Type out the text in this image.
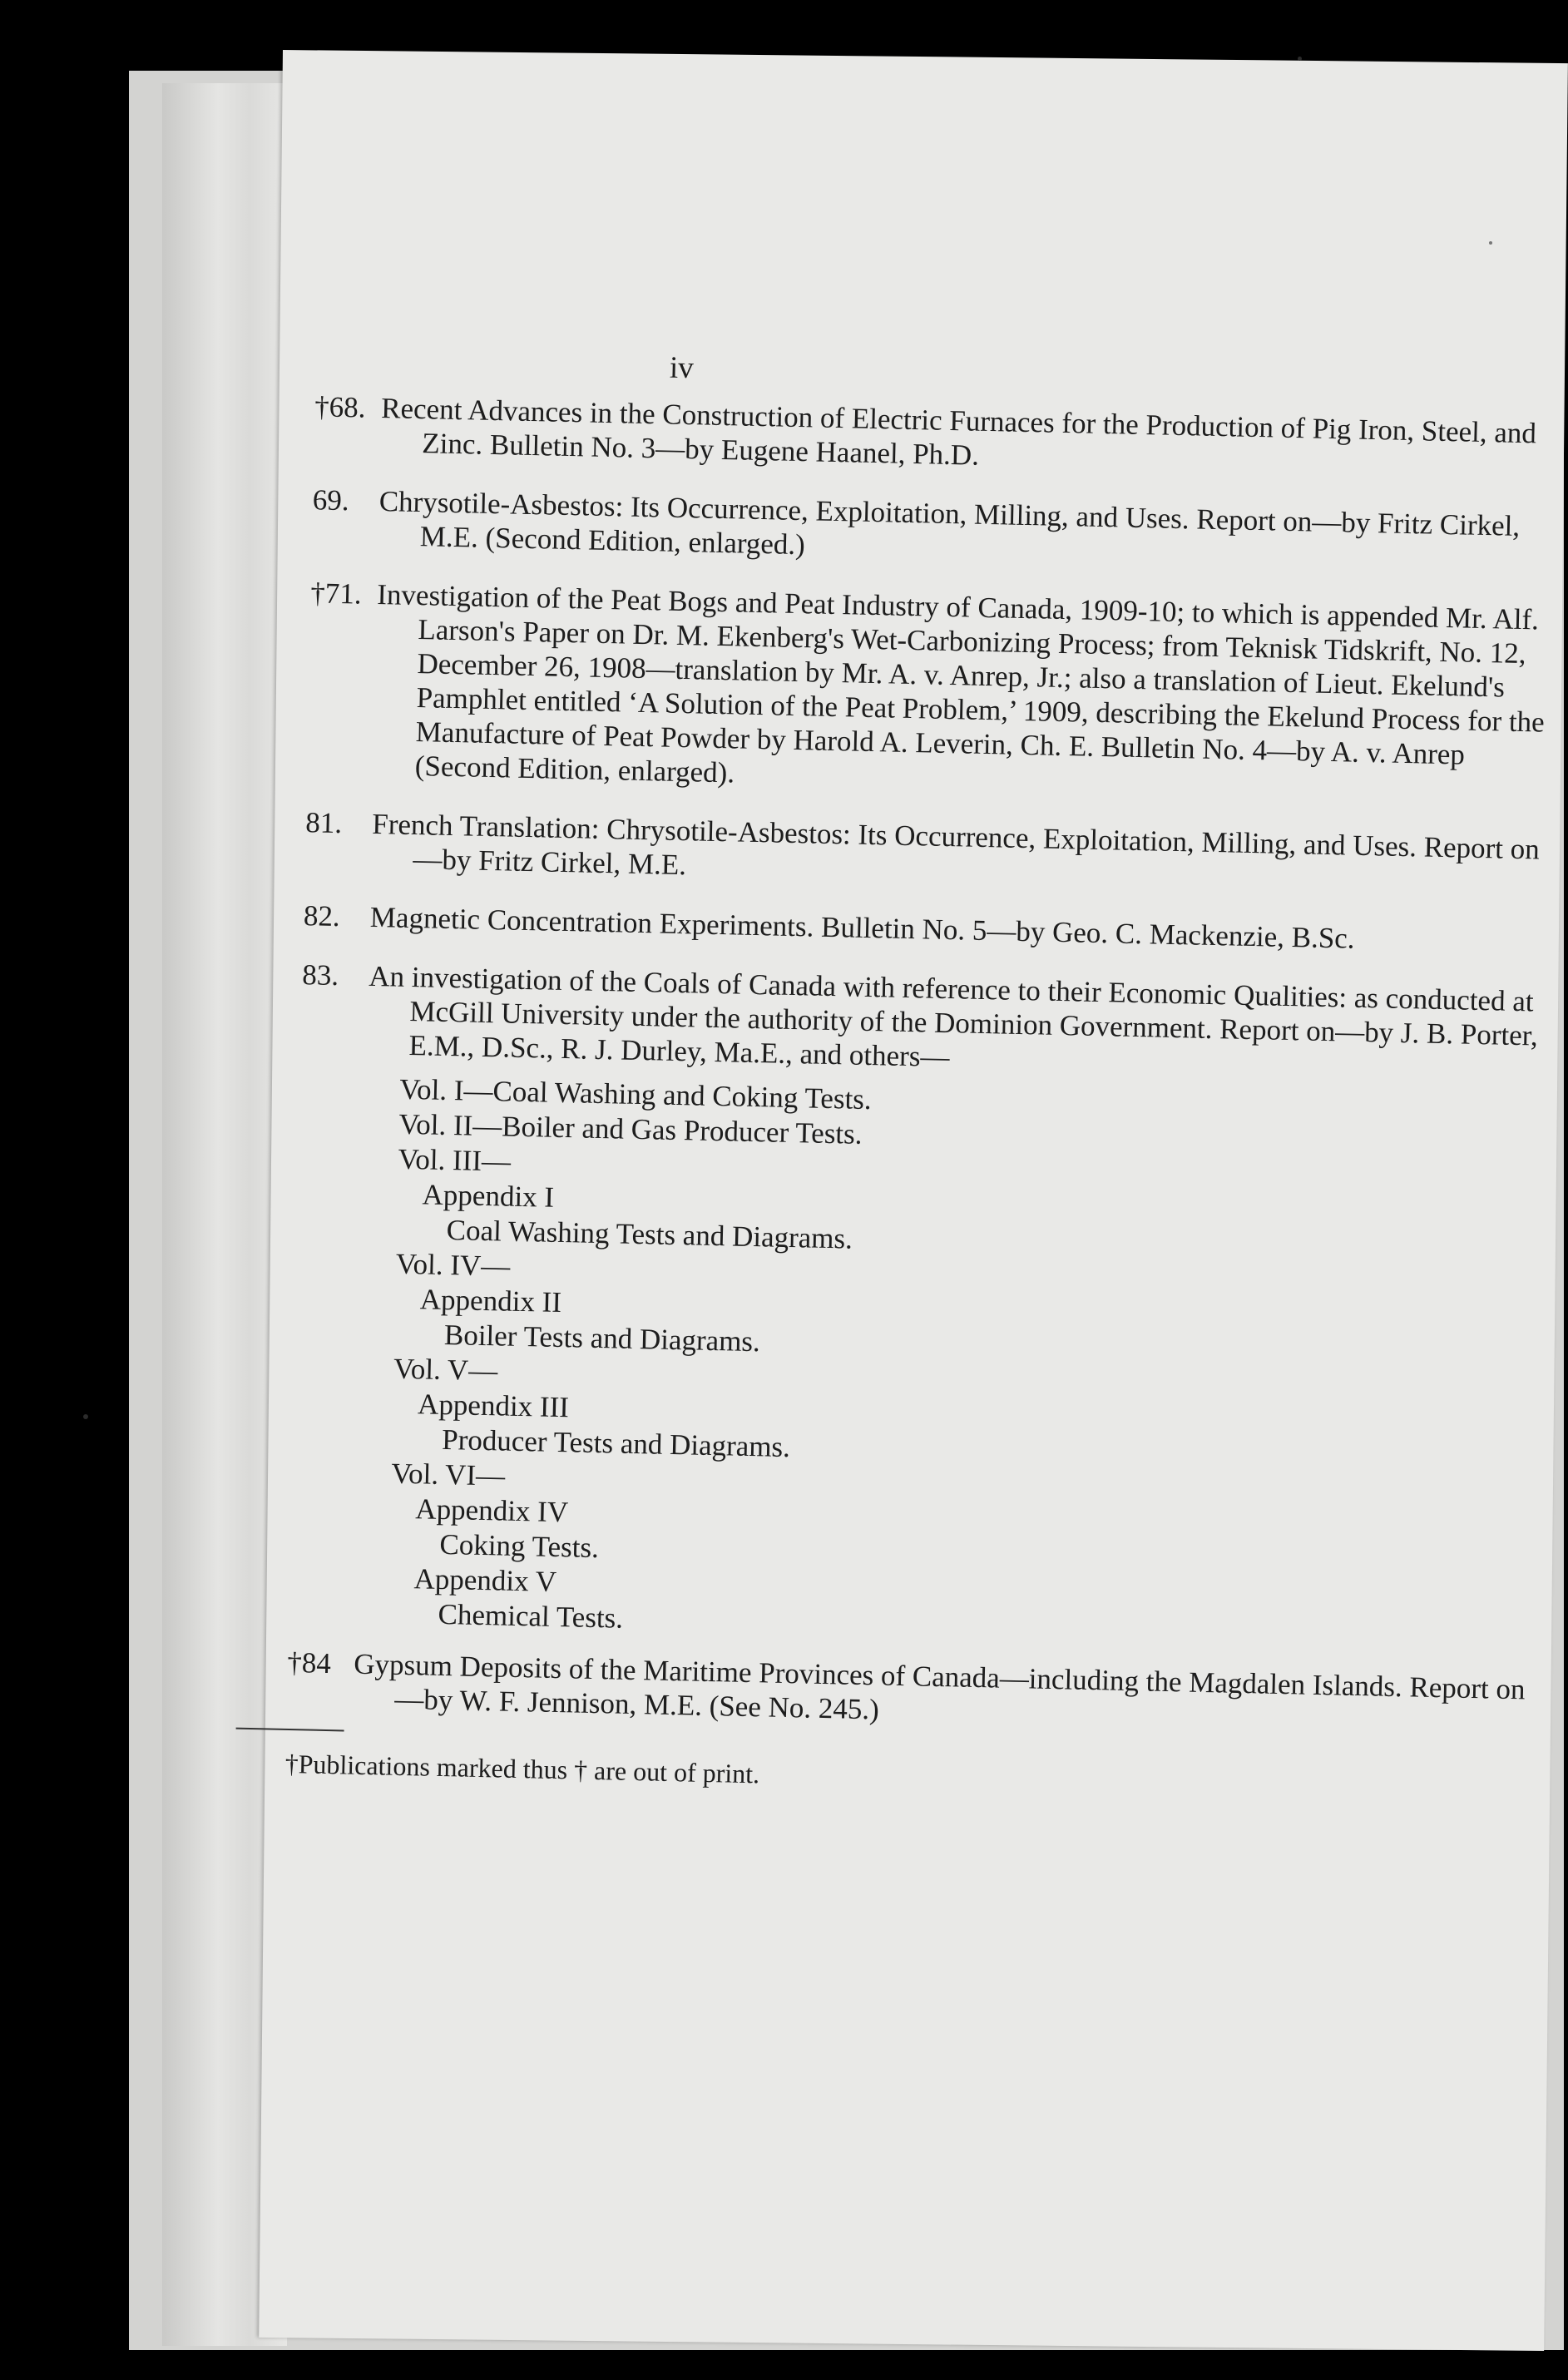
iv
†68. Recent Advances in the Construction of Electric Furnaces for the Production of Pig Iron, Steel, and Zinc. Bulletin No. 3—by Eugene Haanel, Ph.D.
69. Chrysotile-Asbestos: Its Occurrence, Exploitation, Milling, and Uses. Report on—by Fritz Cirkel, M.E. (Second Edition, enlarged.)
†71. Investigation of the Peat Bogs and Peat Industry of Canada, 1909-10; to which is appended Mr. Alf. Larson's Paper on Dr. M. Ekenberg's Wet-Carbonizing Process; from Teknisk Tidskrift, No. 12, December 26, 1908—translation by Mr. A. v. Anrep, Jr.; also a translation of Lieut. Ekelund's Pamphlet entitled ‘A Solution of the Peat Problem,’ 1909, describing the Ekelund Process for the Manufacture of Peat Powder by Harold A. Leverin, Ch. E. Bulletin No. 4—by A. v. Anrep (Second Edition, enlarged).
81. French Translation: Chrysotile-Asbestos: Its Occurrence, Exploitation, Milling, and Uses. Report on—by Fritz Cirkel, M.E.
82. Magnetic Concentration Experiments. Bulletin No. 5—by Geo. C. Mackenzie, B.Sc.
83. An investigation of the Coals of Canada with reference to their Economic Qualities: as conducted at McGill University under the authority of the Dominion Government. Report on—by J. B. Porter, E.M., D.Sc., R. J. Durley, Ma.E., and others—
Vol. I—Coal Washing and Coking Tests.
Vol. II—Boiler and Gas Producer Tests.
Vol. III—
Appendix I
Coal Washing Tests and Diagrams.
Vol. IV—
Appendix II
Boiler Tests and Diagrams.
Vol. V—
Appendix III
Producer Tests and Diagrams.
Vol. VI—
Appendix IV
Coking Tests.
Appendix V
Chemical Tests.
†84 Gypsum Deposits of the Maritime Provinces of Canada—including the Magdalen Islands. Report on—by W. F. Jennison, M.E. (See No. 245.)
†Publications marked thus † are out of print.
